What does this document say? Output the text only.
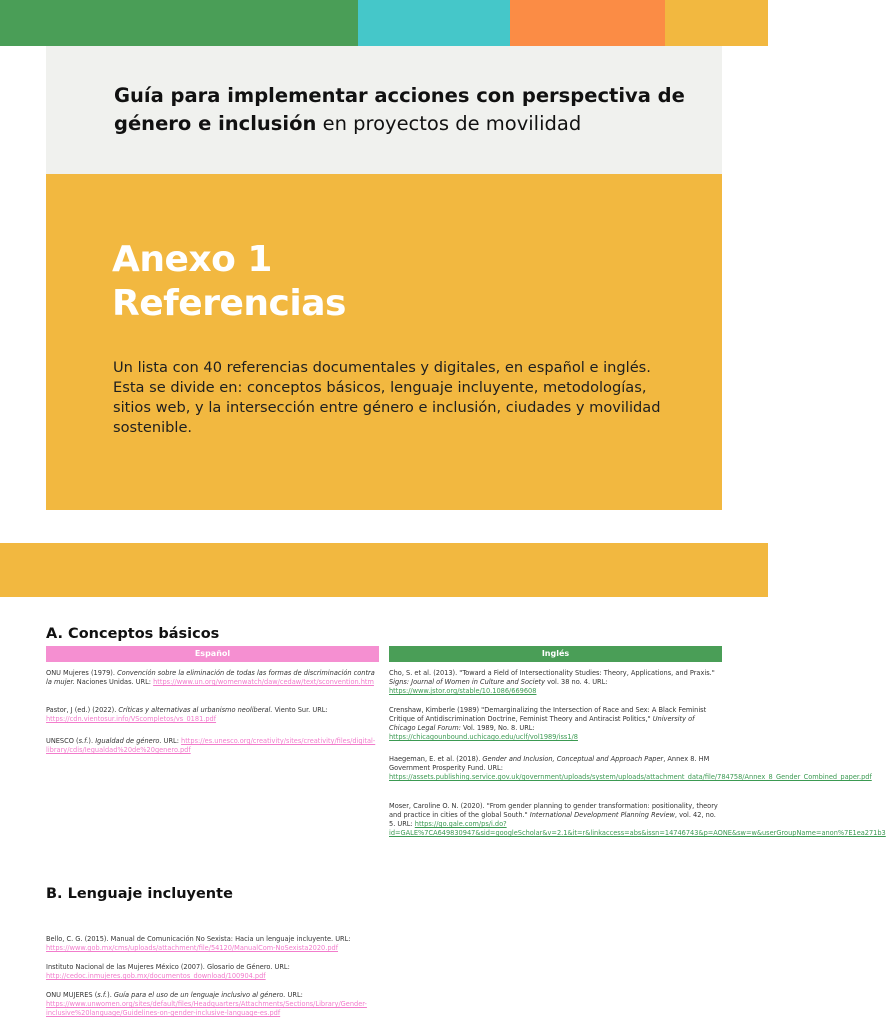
Guía para implementar acciones con perspectiva de género e inclusión en proyectos de movilidad
Anexo 1
Referencias
Un lista con 40 referencias documentales y digitales, en español e inglés. Esta se divide en: conceptos básicos, lenguaje incluyente, metodologías, sitios web, y la intersección entre género e inclusión, ciudades y movilidad sostenible.
A. Conceptos básicos
Español	Inglés

ONU Mujeres (1979). Convención sobre la eliminación de todas las formas de discriminación contra la mujer. Naciones Unidas. URL: https://www.un.org/womenwatch/daw/cedaw/text/sconvention.htm

Pastor, J (ed.) (2022). Críticas y alternativas al urbanismo neoliberal. Viento Sur. URL: https://cdn.vientosur.info/VScompletos/vs_0181.pdf

UNESCO (s.f.). Igualdad de género. URL: https://es.unesco.org/creativity/sites/creativity/files/digital-library/cdis/Iegualdad%20de%20genero.pdf

Cho, S. et al. (2013). "Toward a Field of Intersectionality Studies: Theory, Applications, and Praxis." Signs: Journal of Women in Culture and Society vol. 38 no. 4. URL: https://www.jstor.org/stable/10.1086/669608

Crenshaw, Kimberle (1989) "Demarginalizing the Intersection of Race and Sex: A Black Feminist Critique of Antidiscrimination Doctrine, Feminist Theory and Antiracist Politics," University of Chicago Legal Forum: Vol. 1989, No. 8. URL: https://chicagounbound.uchicago.edu/uclf/vol1989/iss1/8

Haegeman, E. et al. (2018). Gender and Inclusion, Conceptual and Approach Paper, Annex 8. HM Government Prosperity Fund. URL: https://assets.publishing.service.gov.uk/government/uploads/system/uploads/attachment_data/file/784758/Annex_8_Gender_Combined_paper.pdf

Moser, Caroline O. N. (2020). "From gender planning to gender transformation: positionality, theory and practice in cities of the global South." International Development Planning Review, vol. 42, no. 5. URL: https://go.gale.com/ps/i.do?id=GALE%7CA649830947&sid=googleScholar&v=2.1&it=r&linkaccess=abs&issn=14746743&p=AONE&sw=w&userGroupName=anon%7E1ea271b3

B. Lenguaje incluyente

Bello, C. G. (2015). Manual de Comunicación No Sexista: Hacia un lenguaje incluyente. URL: https://www.gob.mx/cms/uploads/attachment/file/54120/ManualCom-NoSexista2020.pdf

Instituto Nacional de las Mujeres México (2007). Glosario de Género. URL: http://cedoc.inmujeres.gob.mx/documentos_download/100904.pdf

ONU MUJERES (s.f.). Guía para el uso de un lenguaje inclusivo al género. URL: https://www.unwomen.org/sites/default/files/Headquarters/Attachments/Sections/Library/Gender-inclusive%20language/Guidelines-on-gender-inclusive-language-es.pdf
